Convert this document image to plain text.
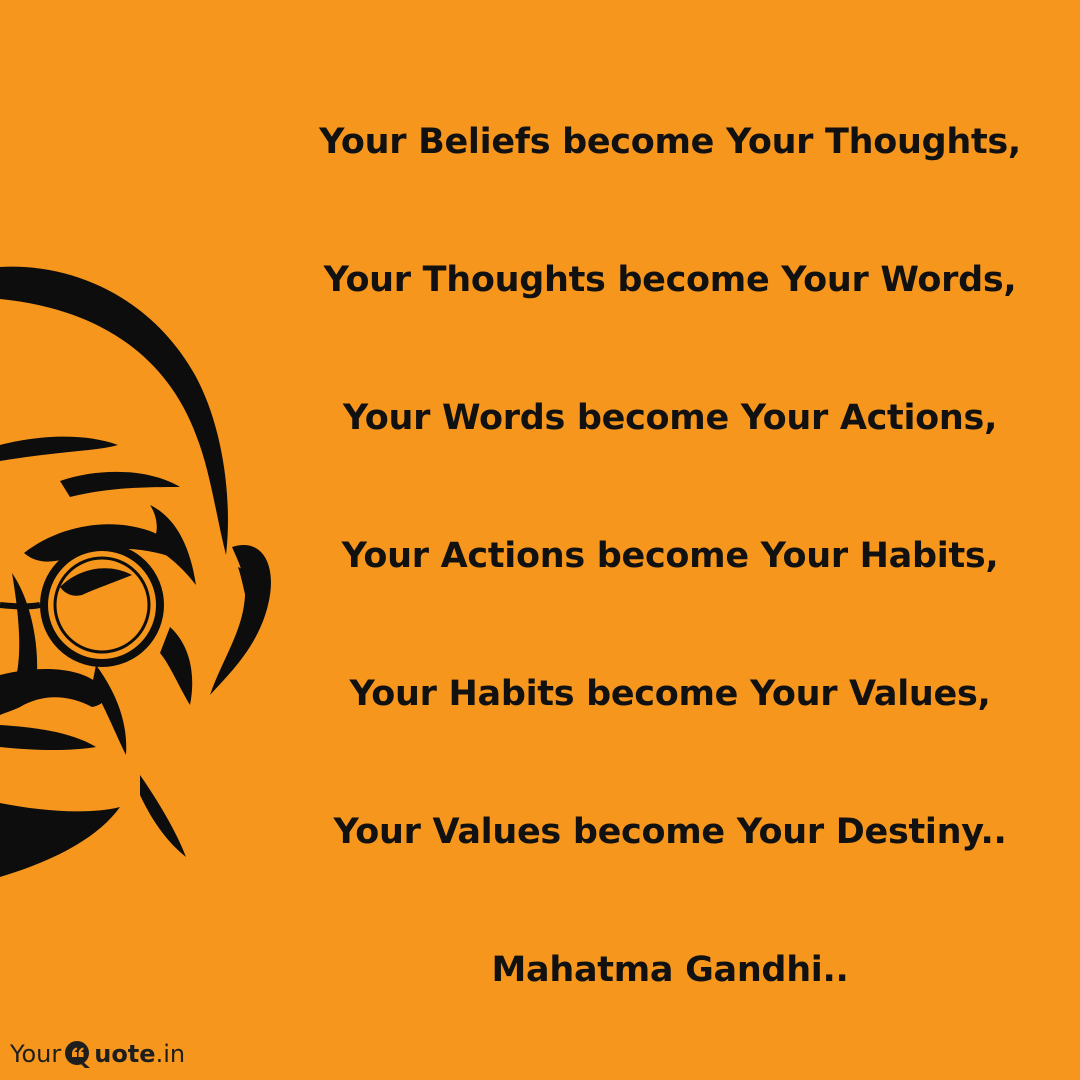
Your Beliefs become Your Thoughts,
Your Thoughts become Your Words,
Your Words become Your Actions,
Your Actions become Your Habits,
Your Habits become Your Values,
Your Values become Your Destiny..
Mahatma Gandhi..
Your uote .in
